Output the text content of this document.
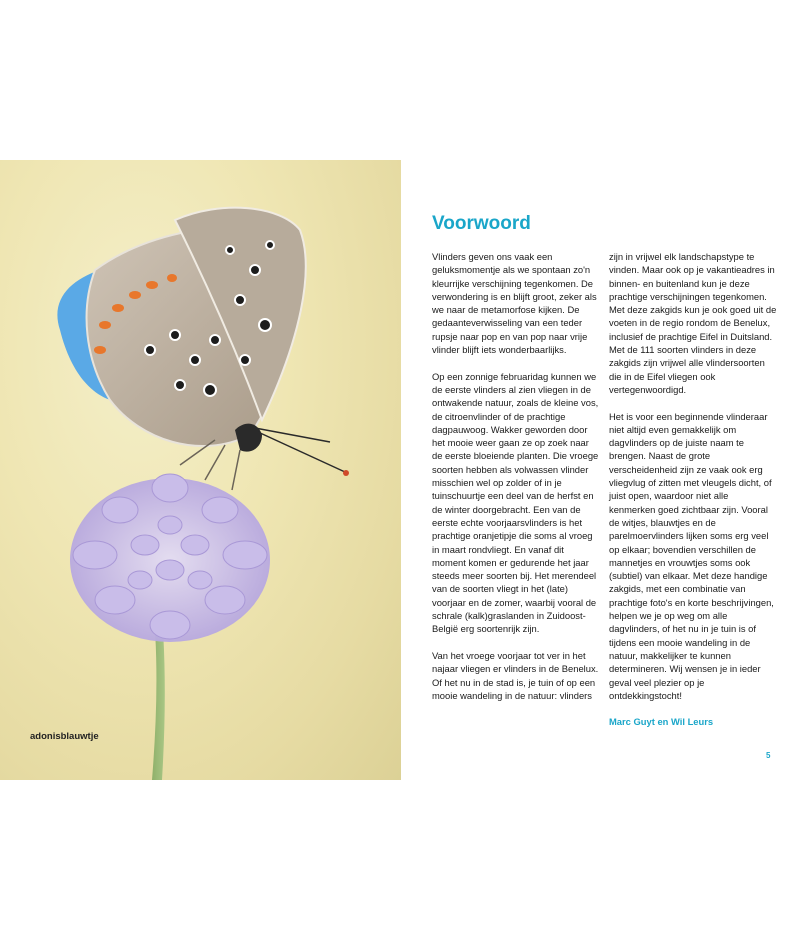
adonisblauwtje
Voorwoord

Vlinders geven ons vaak een geluksmomentje als we spontaan zo'n kleurrijke verschijning tegenkomen. De verwondering is en blijft groot, zeker als we naar de metamorfose kijken. De gedaanteverwisseling van een teder rupsje naar pop en van pop naar vrije vlinder blijft iets wonderbaarlijks.

Op een zonnige februaridag kunnen we de eerste vlinders al zien vliegen in de ontwakende natuur, zoals de kleine vos, de citroenvlinder of de prachtige dagpauwoog. Wakker geworden door het mooie weer gaan ze op zoek naar de eerste bloeiende planten. Die vroege soorten hebben als volwassen vlinder misschien wel op zolder of in je tuinschuurtje een deel van de herfst en de winter doorgebracht. Een van de eerste echte voorjaarsvlinders is het prachtige oranjetipje die soms al vroeg in maart rondvliegt. En vanaf dit moment komen er gedurende het jaar steeds meer soorten bij. Het merendeel van de soorten vliegt in het (late) voorjaar en de zomer, waarbij vooral de schrale (kalk)graslanden in Zuidoost-België erg soortenrijk zijn.

Van het vroege voorjaar tot ver in het najaar vliegen er vlinders in de Benelux. Of het nu in de stad is, je tuin of op een mooie wandeling in de natuur: vlinders

zijn in vrijwel elk landschapstype te vinden. Maar ook op je vakantieadres in binnen- en buitenland kun je deze prachtige verschijningen tegenkomen. Met deze zakgids kun je ook goed uit de voeten in de regio rondom de Benelux, inclusief de prachtige Eifel in Duitsland. Met de 111 soorten vlinders in deze zakgids zijn vrijwel alle vlindersoorten die in de Eifel vliegen ook vertegenwoordigd.

Het is voor een beginnende vlinderaar niet altijd even gemakkelijk om dagvlinders op de juiste naam te brengen. Naast de grote verscheidenheid zijn ze vaak ook erg vliegvlug of zitten met vleugels dicht, of juist open, waardoor niet alle kenmerken goed zichtbaar zijn. Vooral de witjes, blauwtjes en de parelmoervlinders lijken soms erg veel op elkaar; bovendien verschillen de mannetjes en vrouwtjes soms ook (subtiel) van elkaar. Met deze handige zakgids, met een combinatie van prachtige foto's en korte beschrijvingen, helpen we je op weg om alle dagvlinders, of het nu in je tuin is of tijdens een mooie wandeling in de natuur, makkelijker te kunnen determineren. Wij wensen je in ieder geval veel plezier op je ontdekkingstocht!

Marc Guyt en Wil Leurs

5
